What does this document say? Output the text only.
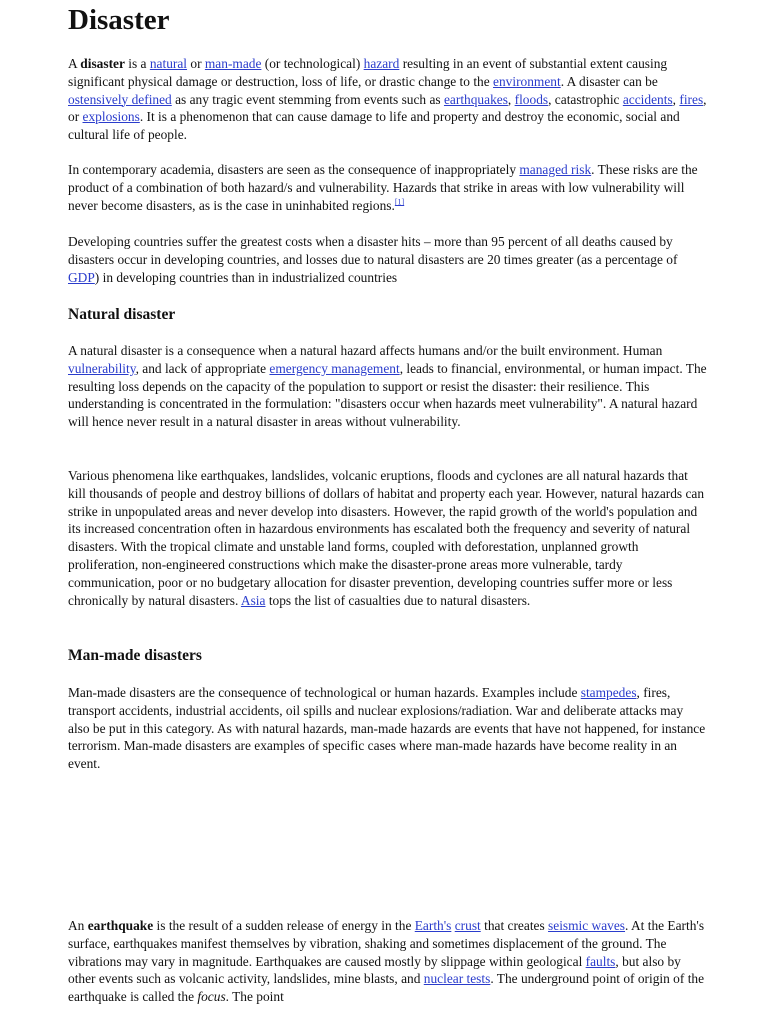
Disaster

A disaster is a natural or man-made (or technological) hazard resulting in an event of substantial extent causing significant physical damage or destruction, loss of life, or drastic change to the environment. A disaster can be ostensively defined as any tragic event stemming from events such as earthquakes, floods, catastrophic accidents, fires, or explosions. It is a phenomenon that can cause damage to life and property and destroy the economic, social and cultural life of people.

In contemporary academia, disasters are seen as the consequence of inappropriately managed risk. These risks are the product of a combination of both hazard/s and vulnerability. Hazards that strike in areas with low vulnerability will never become disasters, as is the case in uninhabited regions.[1]

Developing countries suffer the greatest costs when a disaster hits – more than 95 percent of all deaths caused by disasters occur in developing countries, and losses due to natural disasters are 20 times greater (as a percentage of GDP) in developing countries than in industrialized countries

Natural disaster

A natural disaster is a consequence when a natural hazard affects humans and/or the built environment. Human vulnerability, and lack of appropriate emergency management, leads to financial, environmental, or human impact. The resulting loss depends on the capacity of the population to support or resist the disaster: their resilience. This understanding is concentrated in the formulation: "disasters occur when hazards meet vulnerability". A natural hazard will hence never result in a natural disaster in areas without vulnerability.

Various phenomena like earthquakes, landslides, volcanic eruptions, floods and cyclones are all natural hazards that kill thousands of people and destroy billions of dollars of habitat and property each year. However, natural hazards can strike in unpopulated areas and never develop into disasters. However, the rapid growth of the world's population and its increased concentration often in hazardous environments has escalated both the frequency and severity of natural disasters. With the tropical climate and unstable land forms, coupled with deforestation, unplanned growth proliferation, non-engineered constructions which make the disaster-prone areas more vulnerable, tardy communication, poor or no budgetary allocation for disaster prevention, developing countries suffer more or less chronically by natural disasters. Asia tops the list of casualties due to natural disasters.

Man-made disasters

Man-made disasters are the consequence of technological or human hazards. Examples include stampedes, fires, transport accidents, industrial accidents, oil spills and nuclear explosions/radiation. War and deliberate attacks may also be put in this category. As with natural hazards, man-made hazards are events that have not happened, for instance terrorism. Man-made disasters are examples of specific cases where man-made hazards have become reality in an event.

An earthquake is the result of a sudden release of energy in the Earth's crust that creates seismic waves. At the Earth's surface, earthquakes manifest themselves by vibration, shaking and sometimes displacement of the ground. The vibrations may vary in magnitude. Earthquakes are caused mostly by slippage within geological faults, but also by other events such as volcanic activity, landslides, mine blasts, and nuclear tests. The underground point of origin of the earthquake is called the focus. The point
